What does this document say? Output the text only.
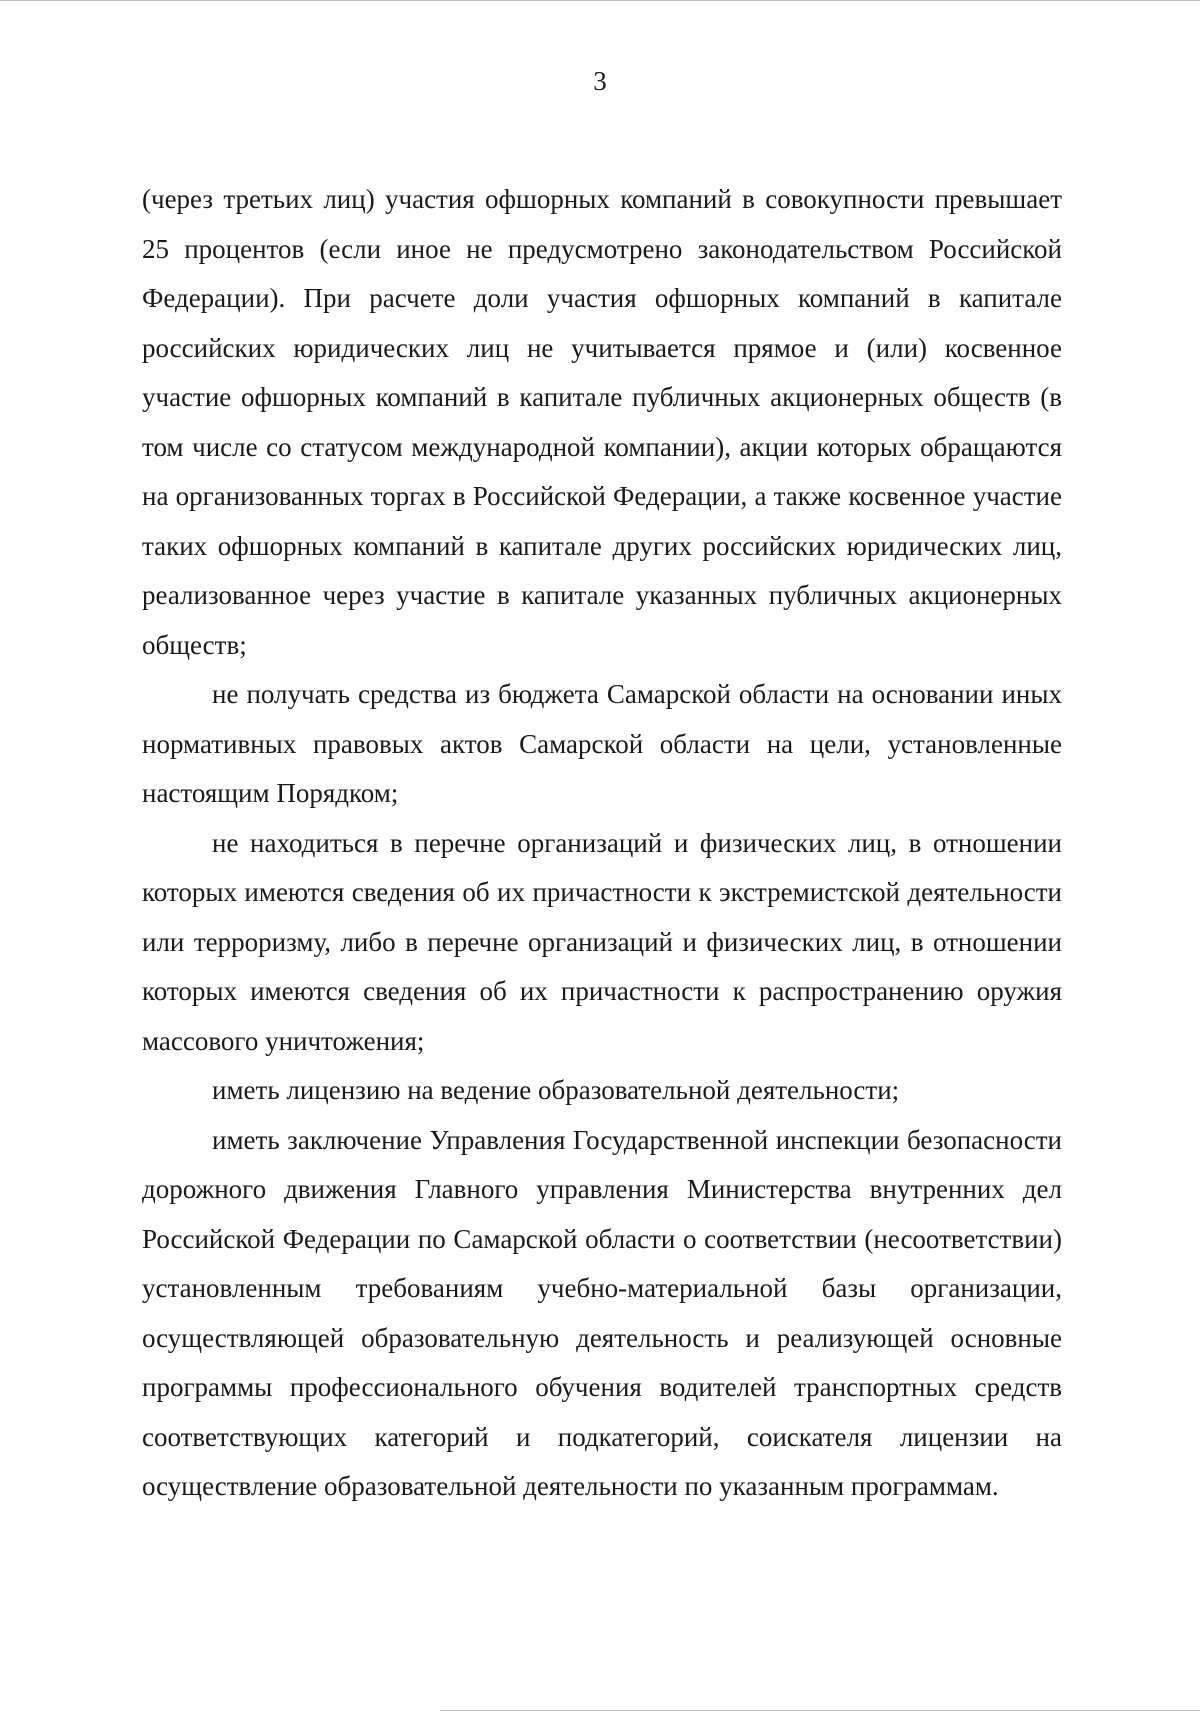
3

(через третьих лиц) участия офшорных компаний в совокупности превышает 25 процентов (если иное не предусмотрено законодательством Российской Федерации). При расчете доли участия офшорных компаний в капитале российских юридических лиц не учитывается прямое и (или) косвенное участие офшорных компаний в капитале публичных акционерных обществ (в том числе со статусом международной компании), акции которых обращаются на организованных торгах в Российской Федерации, а также косвенное участие таких офшорных компаний в капитале других российских юридических лиц, реализованное через участие в капитале указанных публичных акционерных обществ;

не получать средства из бюджета Самарской области на основании иных нормативных правовых актов Самарской области на цели, установленные настоящим Порядком;

не находиться в перечне организаций и физических лиц, в отношении которых имеются сведения об их причастности к экстремистской деятельности или терроризму, либо в перечне организаций и физических лиц, в отношении которых имеются сведения об их причастности к распространению оружия массового уничтожения;

иметь лицензию на ведение образовательной деятельности;

иметь заключение Управления Государственной инспекции безопасности дорожного движения Главного управления Министерства внутренних дел Российской Федерации по Самарской области о соответствии (несоответствии) установленным требованиям учебно-материальной базы организации, осуществляющей образовательную деятельность и реализующей основные программы профессионального обучения водителей транспортных средств соответствующих категорий и подкатегорий, соискателя лицензии на осуществление образовательной деятельности по указанным программам.
